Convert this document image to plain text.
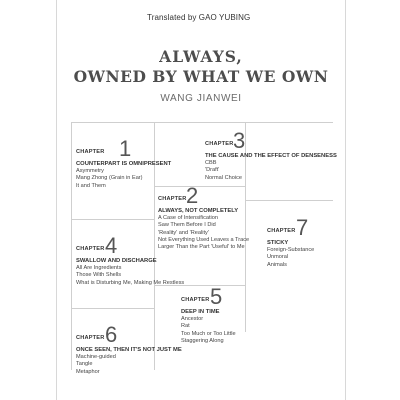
Translated by GAO YUBING
ALWAYS,
OWNED BY WHAT WE OWN
WANG JIANWEI
CHAPTER 1
COUNTERPART IS OMNIPRESENT
Asymmetry
Mang Zhong (Grain in Ear)
It and Them
CHAPTER 3
THE CAUSE AND THE EFFECT OF DENSENESS
CBB
'Draft'
Normal Choice
CHAPTER 2
ALWAYS, NOT COMPLETELY
A Case of Intensification
Saw Them Before I Did
'Reality' and 'Reality'
Not Everything Used Leaves a Trace
Larger Than the Part 'Useful' to Me
CHAPTER 7
STICKY
Foreign-Substance
Unmoral
Animals
CHAPTER 4
SWALLOW AND DISCHARGE
All Are Ingredients
Those With Shells
What is Disturbing Me, Making Me Restless
CHAPTER 5
DEEP IN TIME
Ancestor
Rat
Too Much or Too Little
Staggering Along
CHAPTER 6
ONCE SEEN, THEN IT'S NOT JUST ME
Machine-guided
Tangle
Metaphor
